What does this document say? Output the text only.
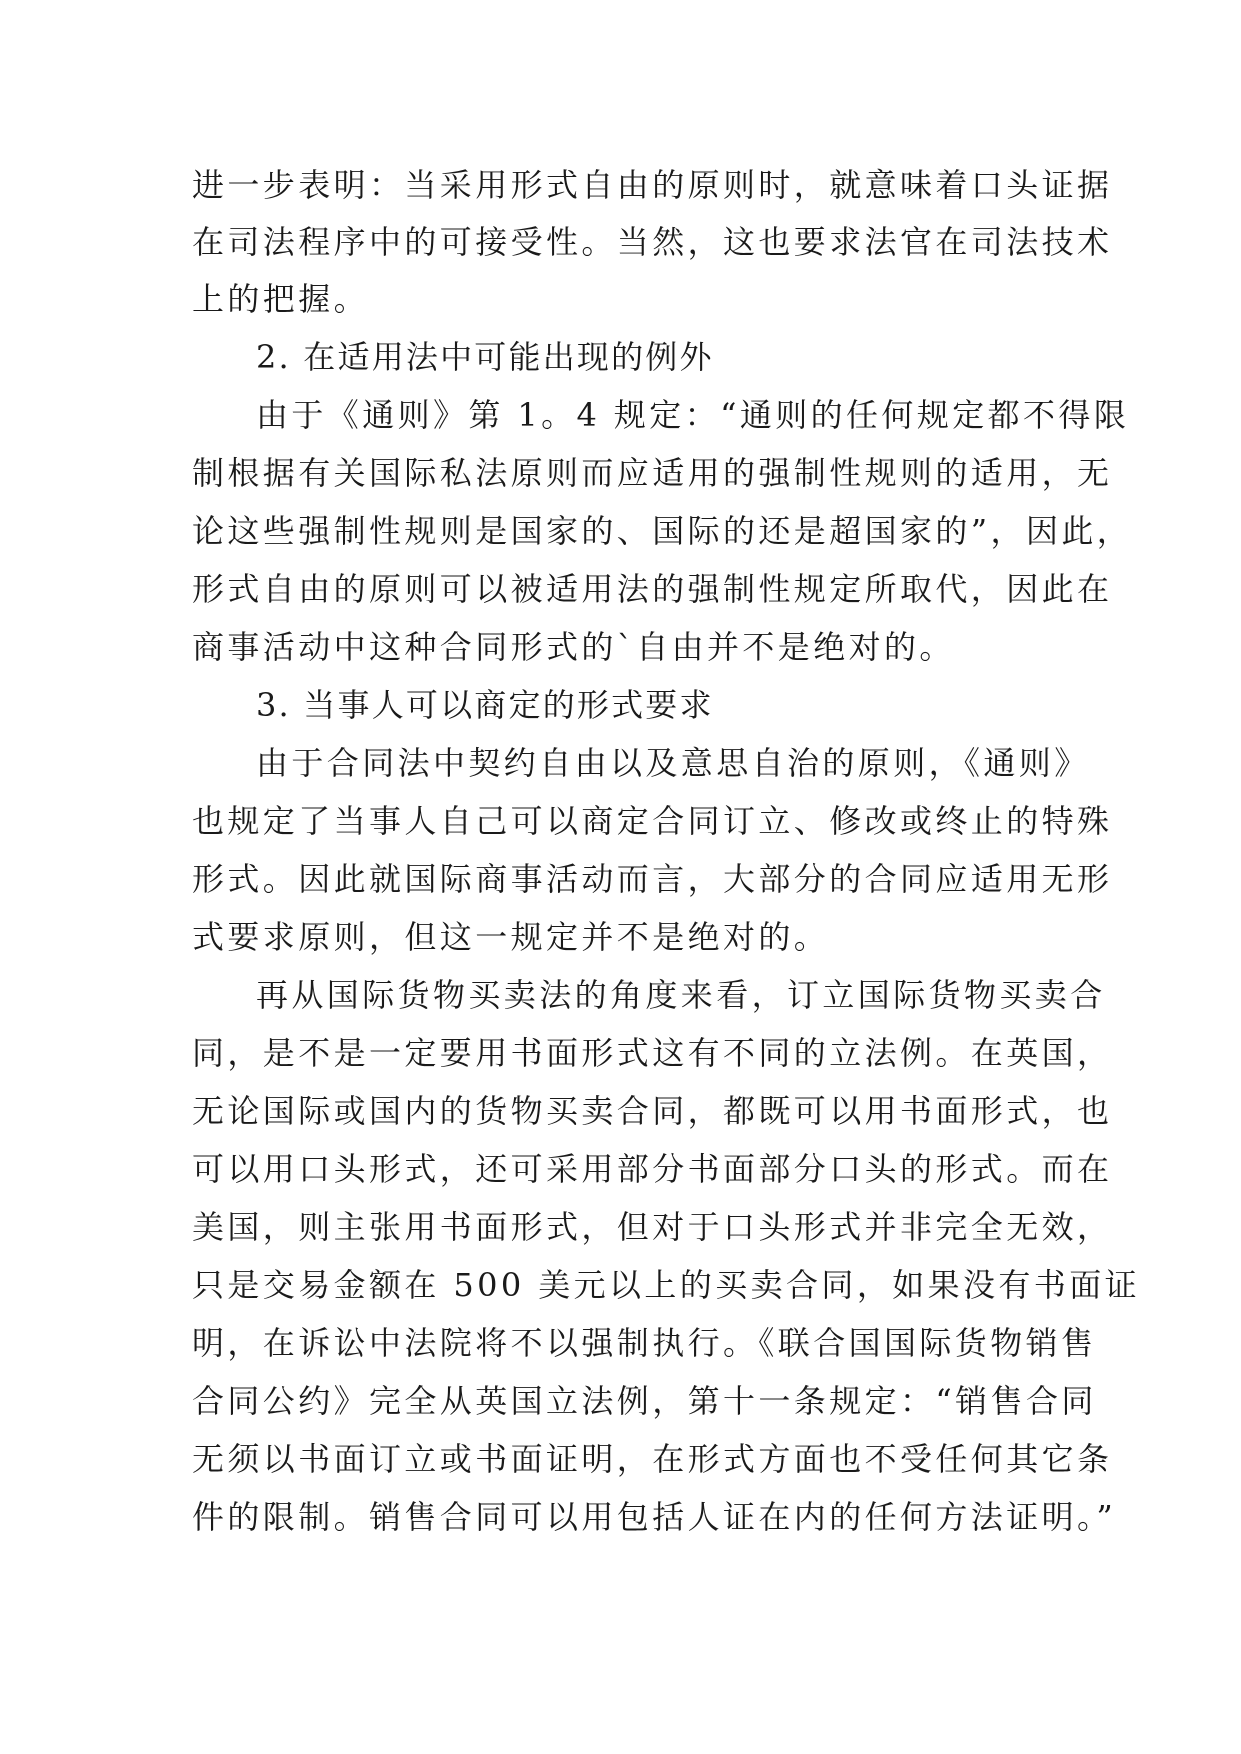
进一步表明：当采用形式自由的原则时，就意味着口头证据
在司法程序中的可接受性。当然，这也要求法官在司法技术
上的把握。
2. 在适用法中可能出现的例外
由于《通则》第 1。4 规定：“通则的任何规定都不得限
制根据有关国际私法原则而应适用的强制性规则的适用，无
论这些强制性规则是国家的、国际的还是超国家的”，因此，
形式自由的原则可以被适用法的强制性规定所取代，因此在
商事活动中这种合同形式的`自由并不是绝对的。
3. 当事人可以商定的形式要求
由于合同法中契约自由以及意思自治的原则，《通则》
也规定了当事人自己可以商定合同订立、修改或终止的特殊
形式。因此就国际商事活动而言，大部分的合同应适用无形
式要求原则，但这一规定并不是绝对的。
再从国际货物买卖法的角度来看，订立国际货物买卖合
同，是不是一定要用书面形式这有不同的立法例。在英国，
无论国际或国内的货物买卖合同，都既可以用书面形式，也
可以用口头形式，还可采用部分书面部分口头的形式。而在
美国，则主张用书面形式，但对于口头形式并非完全无效，
只是交易金额在 500 美元以上的买卖合同，如果没有书面证
明，在诉讼中法院将不以强制执行。《联合国国际货物销售
合同公约》完全从英国立法例，第十一条规定：“销售合同
无须以书面订立或书面证明，在形式方面也不受任何其它条
件的限制。销售合同可以用包括人证在内的任何方法证明。”
